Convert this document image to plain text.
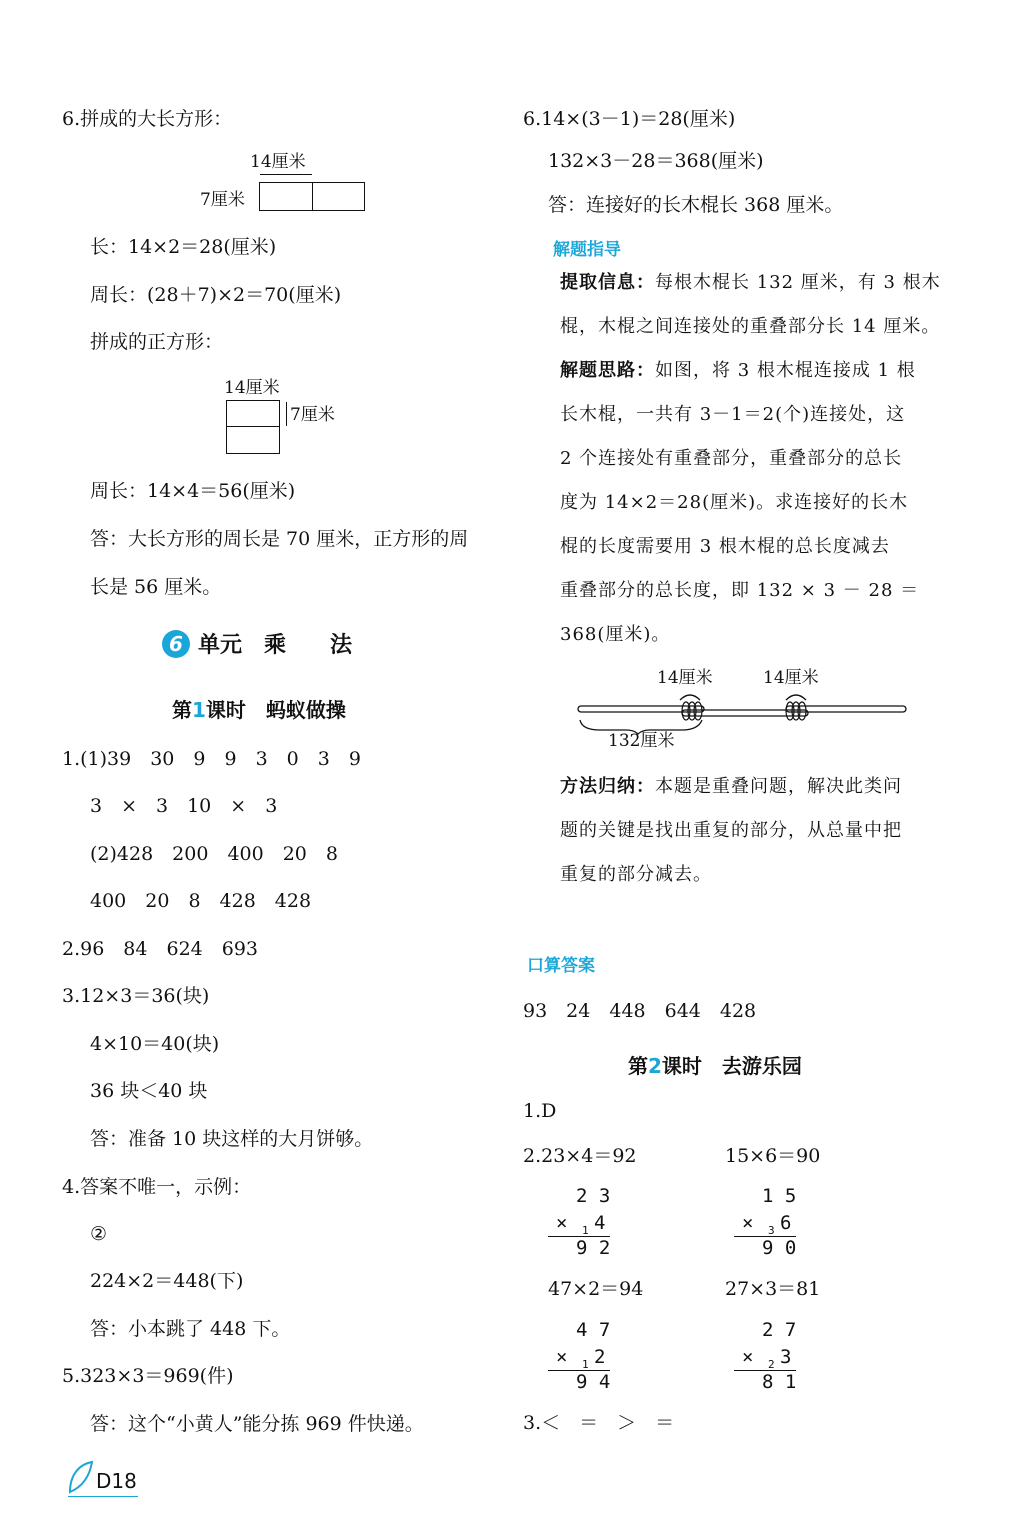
6.拼成的大长方形：
14厘米
7厘米
长：14×2＝28(厘米)
周长：(28＋7)×2＝70(厘米)
拼成的正方形：
14厘米
7厘米
周长：14×4＝56(厘米)
答：大长方形的周长是 70 厘米，正方形的周
长是 56 厘米。
6 单元　乘　　法
第1课时　蚂蚁做操
1.(1)39　30　9　9　3　0　3　9
3　×　3　10　×　3
(2)428　200　400　20　8
400　20　8　428　428
2.96　84　624　693
3.12×3＝36(块)
4×10＝40(块)
36 块＜40 块
答：准备 10 块这样的大月饼够。
4.答案不唯一，示例：
②
224×2＝448(下)
答：小本跳了 448 下。
5.323×3＝969(件)
答：这个“小黄人”能分拣 969 件快递。
D18
6.14×(3－1)＝28(厘米)
132×3－28＝368(厘米)
答：连接好的长木棍长 368 厘米。
解题指导
提取信息：每根木棍长 132 厘米，有 3 根木
棍，木棍之间连接处的重叠部分长 14 厘米。
解题思路：如图，将 3 根木棍连接成 1 根
长木棍，一共有 3－1＝2(个)连接处，这
2 个连接处有重叠部分，重叠部分的总长
度为 14×2＝28(厘米)。求连接好的长木
棍的长度需要用 3 根木棍的总长度减去
重叠部分的总长度，即 132 × 3 － 28 ＝
368(厘米)。
14厘米	14厘米
132厘米
方法归纳：本题是重叠问题，解决此类问
题的关键是找出重复的部分，从总量中把
重复的部分减去。
口算答案
93　24　448　644　428
第2课时　去游乐园
1.D
2.23×4＝92	15×6＝90
2 3
× 1 4
9 2
1 5
× 3 6
9 0
47×2＝94	27×3＝81
4 7
× 1 2
9 4
2 7
× 2 3
8 1
3.＜　＝　＞　＝
